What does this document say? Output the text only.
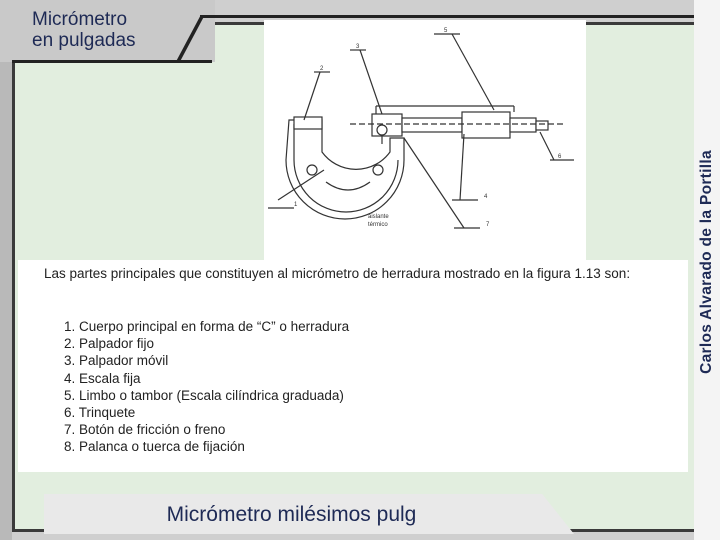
Micrómetro
en pulgadas
Carlos Alvarado de la Portilla
1
2
3
4
5
6
7
aislante
térmico
Las partes principales que constituyen al micrómetro de herradura mostrado en la figura 1.13 son:
1. Cuerpo principal en forma de “C” o herradura
2. Palpador fijo
3. Palpador móvil
4. Escala fija
5. Limbo o tambor (Escala cilíndrica graduada)
6. Trinquete
7. Botón de fricción o freno
8. Palanca o tuerca de fijación
Micrómetro milésimos pulg
